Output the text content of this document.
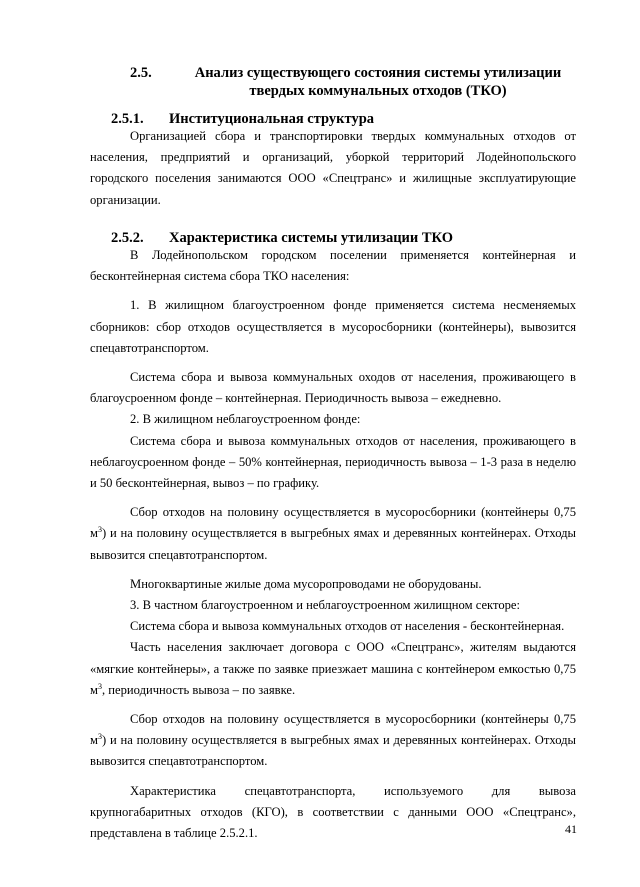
2.5.	Анализ существующего состояния системы утилизации
твердых коммунальных отходов (ТКО)
2.5.1. Институциональная структура

Организацией сбора и транспортировки твердых коммунальных отходов от населения, предприятий и организаций, уборкой территорий Лодейнопольского городского поселения занимаются ООО «Спецтранс» и жилищные эксплуатирующие организации.

2.5.2. Характеристика системы утилизации ТКО

В Лодейнопольском городском поселении применяется контейнерная и бесконтейнерная система сбора ТКО населения:

1. В жилищном благоустроенном фонде применяется система несменяемых сборников: сбор отходов осуществляется в мусоросборники (контейнеры), вывозится спецавтотранспортом.

Система сбора и вывоза коммунальных оходов от населения, проживающего в благоусроенном фонде – контейнерная. Периодичность вывоза – ежедневно.

2. В жилищном неблагоустроенном фонде:

Система сбора и вывоза коммунальных отходов от населения, проживающего в неблагоусроенном фонде – 50% контейнерная, периодичность вывоза – 1-3 раза в неделю и 50 бесконтейнерная, вывоз – по графику.

Сбор отходов на половину осуществляется в мусоросборники (контейнеры 0,75 $м^3$) и на половину осуществляется в выгребных ямах и деревянных контейнерах. Отходы вывозится спецавтотранспортом.

Многоквартиные жилые дома мусоропроводами не оборудованы.

3. В частном благоустроенном и неблагоустроенном жилищном секторе:

Система сбора и вывоза коммунальных отходов от населения - бесконтейнерная.

Часть населения заключает договора с ООО «Спецтранс», жителям выдаются «мягкие контейнеры», а также по заявке приезжает машина с контейнером емкостью 0,75 $м^3$, периодичность вывоза – по заявке.

Сбор отходов на половину осуществляется в мусоросборники (контейнеры 0,75 $м^3$) и на половину осуществляется в выгребных ямах и деревянных контейнерах. Отходы вывозится спецавтотранспортом.

Характеристика спецавтотранспорта, используемого для вывоза крупногабаритных отходов (КГО), в соответствии с данными ООО «Спецтранс», представлена в таблице 2.5.2.1.	41
